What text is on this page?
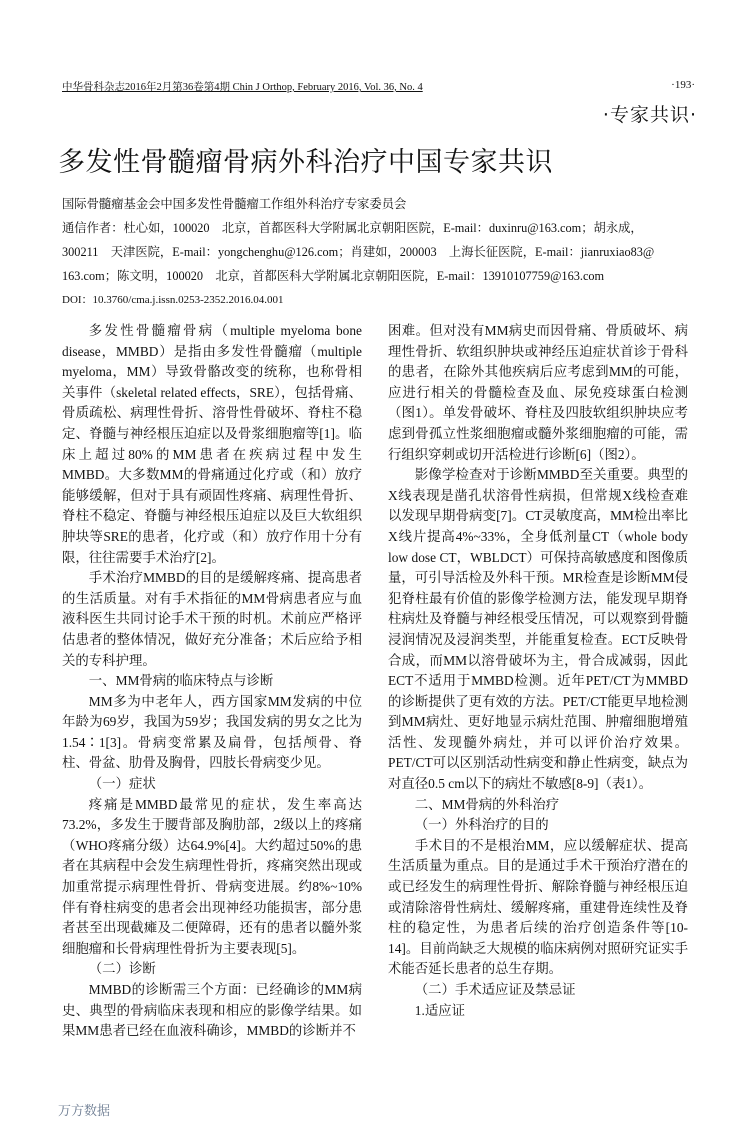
中华骨科杂志2016年2月第36卷第4期 Chin J Orthop, February 2016, Vol. 36, No. 4	·193·
·专家共识·
多发性骨髓瘤骨病外科治疗中国专家共识
国际骨髓瘤基金会中国多发性骨髓瘤工作组外科治疗专家委员会
通信作者：杜心如，100020　北京，首都医科大学附属北京朝阳医院，E-mail：duxinru@163.com；胡永成，
300211　天津医院，E-mail：yongchenghu@126.com；肖建如，200003　上海长征医院，E-mail：jianruxiao83@
163.com；陈文明，100020　北京，首都医科大学附属北京朝阳医院，E-mail：13910107759@163.com
DOI：10.3760/cma.j.issn.0253-2352.2016.04.001

多发性骨髓瘤骨病（multiple myeloma bone disease，MMBD）是指由多发性骨髓瘤（multiple myeloma，MM）导致骨骼改变的统称，也称骨相关事件（skeletal related effects，SRE），包括骨痛、骨质疏松、病理性骨折、溶骨性骨破坏、脊柱不稳定、脊髓与神经根压迫症以及骨浆细胞瘤等[1]。临床上超过80%的MM患者在疾病过程中发生MMBD。大多数MM的骨痛通过化疗或（和）放疗能够缓解，但对于具有顽固性疼痛、病理性骨折、脊柱不稳定、脊髓与神经根压迫症以及巨大软组织肿块等SRE的患者，化疗或（和）放疗作用十分有限，往往需要手术治疗[2]。

手术治疗MMBD的目的是缓解疼痛、提高患者的生活质量。对有手术指征的MM骨病患者应与血液科医生共同讨论手术干预的时机。术前应严格评估患者的整体情况，做好充分准备；术后应给予相关的专科护理。

一、MM骨病的临床特点与诊断

MM多为中老年人，西方国家MM发病的中位年龄为69岁，我国为59岁；我国发病的男女之比为1.54∶1[3]。骨病变常累及扁骨，包括颅骨、脊柱、骨盆、肋骨及胸骨，四肢长骨病变少见。

（一）症状

疼痛是MMBD最常见的症状，发生率高达73.2%，多发生于腰背部及胸肋部，2级以上的疼痛（WHO疼痛分级）达64.9%[4]。大约超过50%的患者在其病程中会发生病理性骨折，疼痛突然出现或加重常提示病理性骨折、骨病变进展。约8%~10%伴有脊柱病变的患者会出现神经功能损害，部分患者甚至出现截瘫及二便障碍，还有的患者以髓外浆细胞瘤和长骨病理性骨折为主要表现[5]。

（二）诊断

MMBD的诊断需三个方面：已经确诊的MM病史、典型的骨病临床表现和相应的影像学结果。如果MM患者已经在血液科确诊，MMBD的诊断并不

困难。但对没有MM病史而因骨痛、骨质破坏、病理性骨折、软组织肿块或神经压迫症状首诊于骨科的患者，在除外其他疾病后应考虑到MM的可能，应进行相关的骨髓检查及血、尿免疫球蛋白检测（图1）。单发骨破坏、脊柱及四肢软组织肿块应考虑到骨孤立性浆细胞瘤或髓外浆细胞瘤的可能，需行组织穿刺或切开活检进行诊断[6]（图2）。

影像学检查对于诊断MMBD至关重要。典型的X线表现是凿孔状溶骨性病损，但常规X线检查难以发现早期骨病变[7]。CT灵敏度高，MM检出率比X线片提高4%~33%，全身低剂量CT（whole body low dose CT，WBLDCT）可保持高敏感度和图像质量，可引导活检及外科干预。MR检查是诊断MM侵犯脊柱最有价值的影像学检测方法，能发现早期脊柱病灶及脊髓与神经根受压情况，可以观察到骨髓浸润情况及浸润类型，并能重复检查。ECT反映骨合成，而MM以溶骨破坏为主，骨合成减弱，因此ECT不适用于MMBD检测。近年PET/CT为MMBD的诊断提供了更有效的方法。PET/CT能更早地检测到MM病灶、更好地显示病灶范围、肿瘤细胞增殖活性、发现髓外病灶，并可以评价治疗效果。PET/CT可以区别活动性病变和静止性病变，缺点为对直径0.5 cm以下的病灶不敏感[8-9]（表1）。

二、MM骨病的外科治疗

（一）外科治疗的目的

手术目的不是根治MM，应以缓解症状、提高生活质量为重点。目的是通过手术干预治疗潜在的或已经发生的病理性骨折、解除脊髓与神经根压迫或清除溶骨性病灶、缓解疼痛，重建骨连续性及脊柱的稳定性，为患者后续的治疗创造条件等[10-14]。目前尚缺乏大规模的临床病例对照研究证实手术能否延长患者的总生存期。

（二）手术适应证及禁忌证

1.适应证

万方数据
